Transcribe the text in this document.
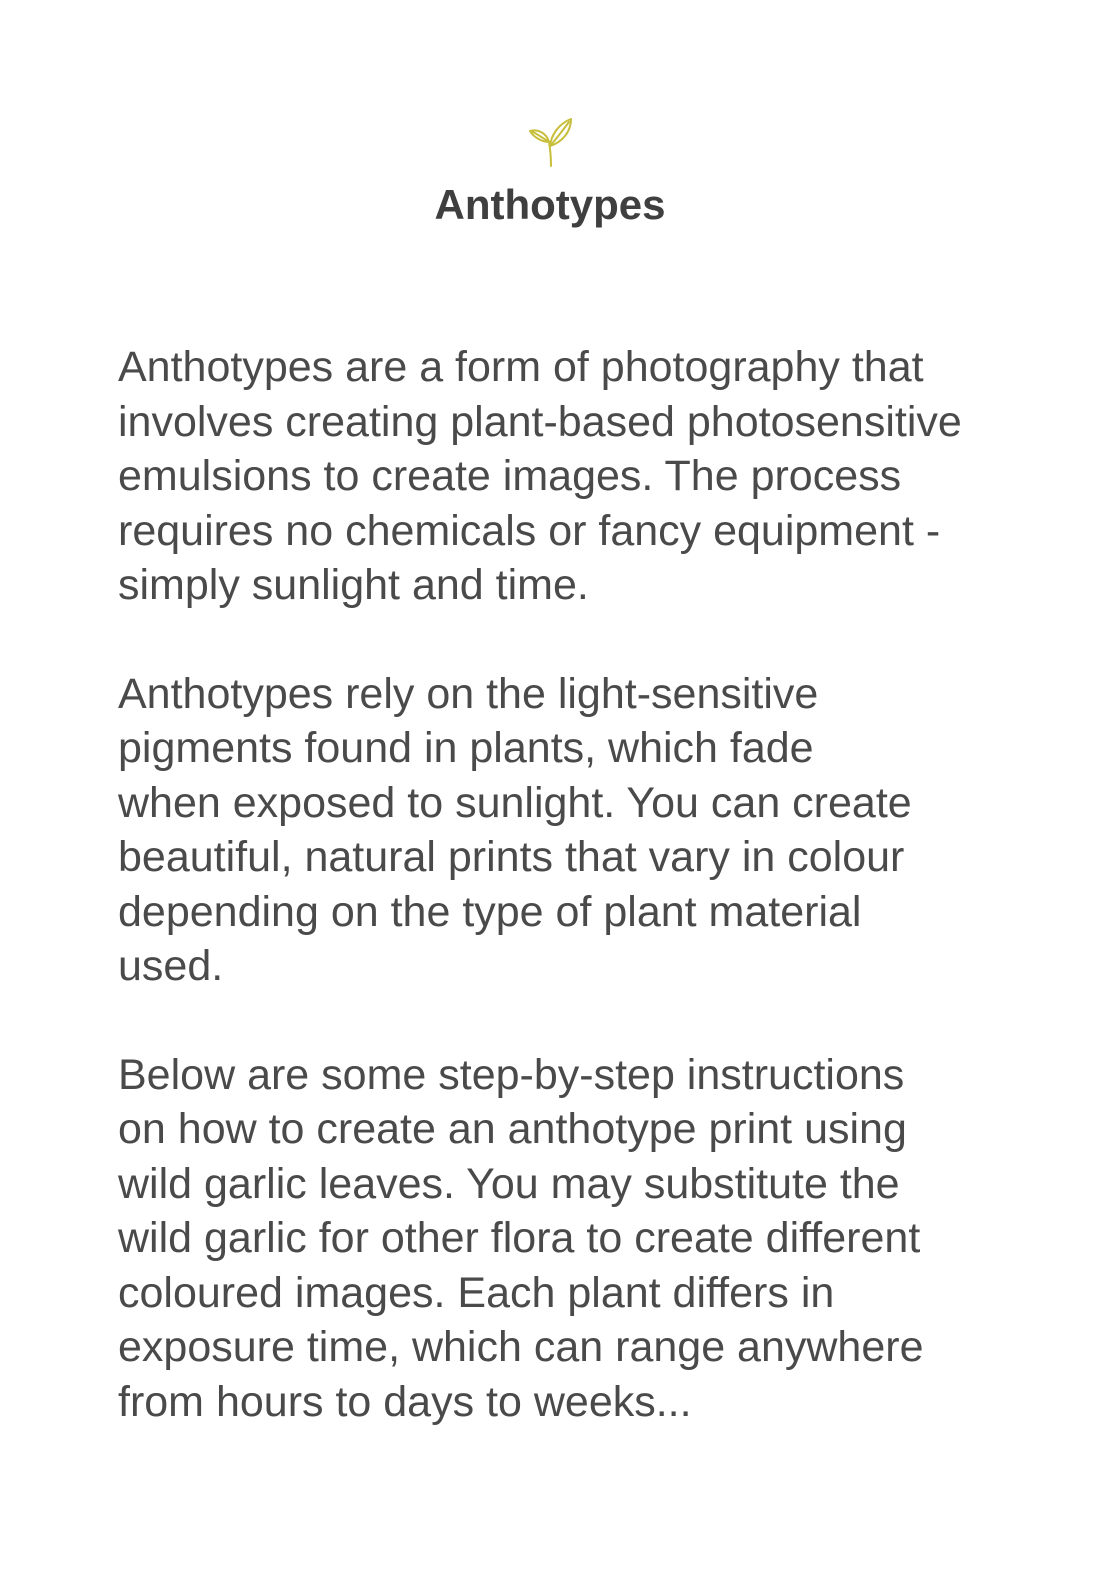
Anthotypes

Anthotypes are a form of photography that
involves creating plant-based photosensitive
emulsions to create images. The process
requires no chemicals or fancy equipment -
simply sunlight and time.

Anthotypes rely on the light-sensitive
pigments found in plants, which fade
when exposed to sunlight. You can create
beautiful, natural prints that vary in colour
depending on the type of plant material
used.

Below are some step-by-step instructions
on how to create an anthotype print using
wild garlic leaves. You may substitute the
wild garlic for other flora to create different
coloured images. Each plant differs in
exposure time, which can range anywhere
from hours to days to weeks...
